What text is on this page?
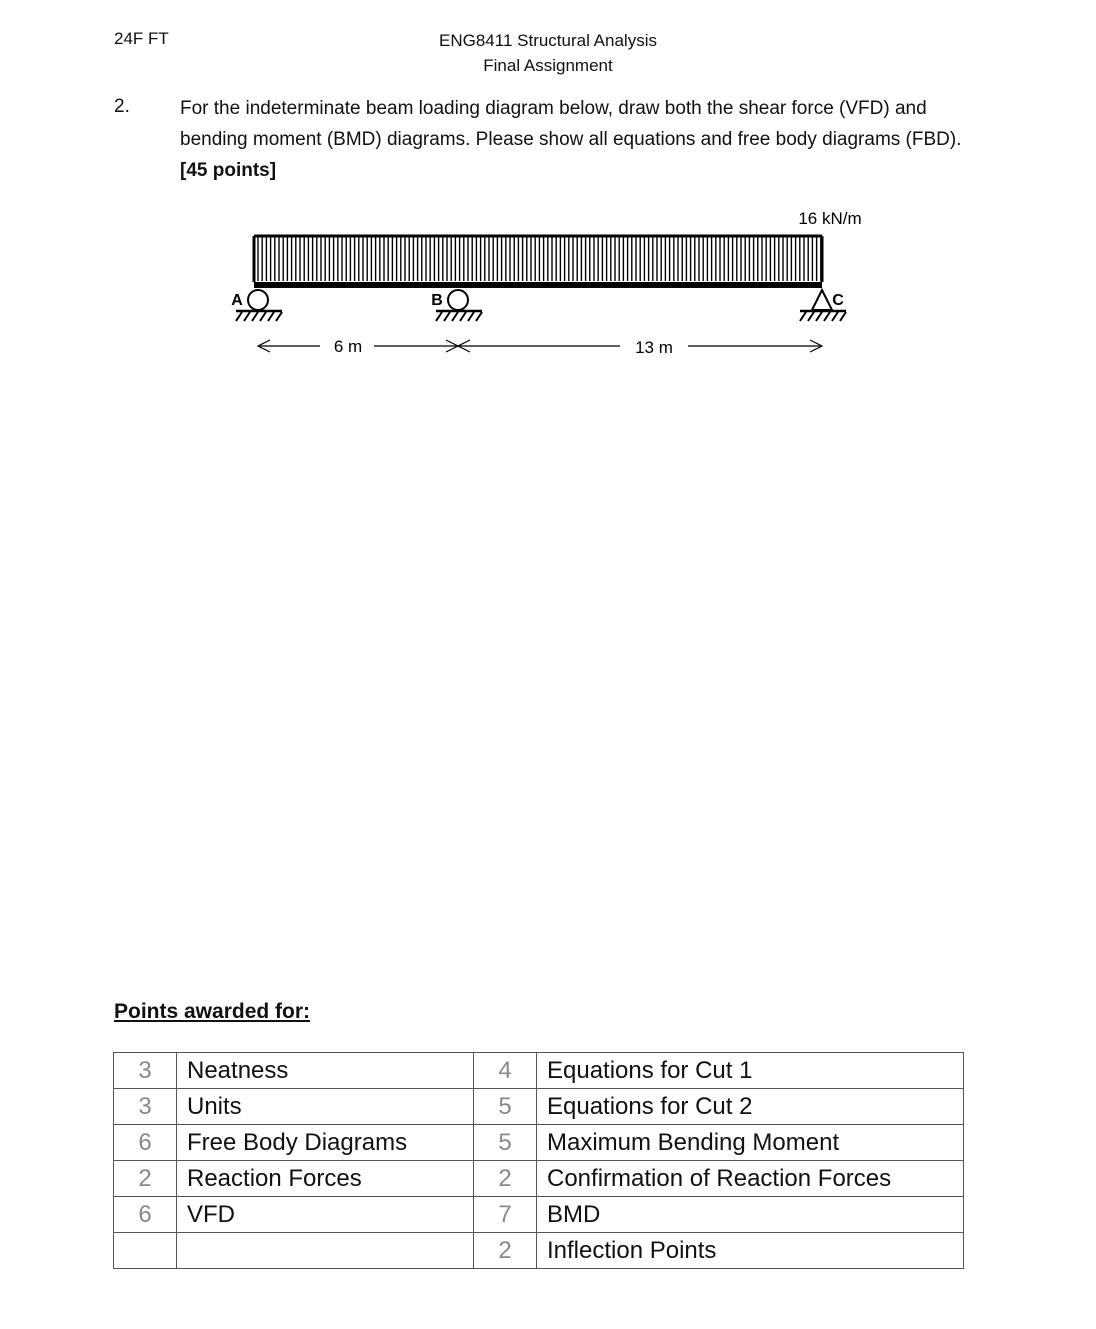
24F FT	ENG8411 Structural Analysis
Final Assignment
2.	For the indeterminate beam loading diagram below, draw both the shear force (VFD) and bending moment (BMD) diagrams. Please show all equations and free body diagrams (FBD). [45 points]
16 kN/m
A	B	C
6 m	13 m
Points awarded for:
3	Neatness	4	Equations for Cut 1
3	Units	5	Equations for Cut 2
6	Free Body Diagrams	5	Maximum Bending Moment
2	Reaction Forces	2	Confirmation of Reaction Forces
6	VFD	7	BMD
		2	Inflection Points
